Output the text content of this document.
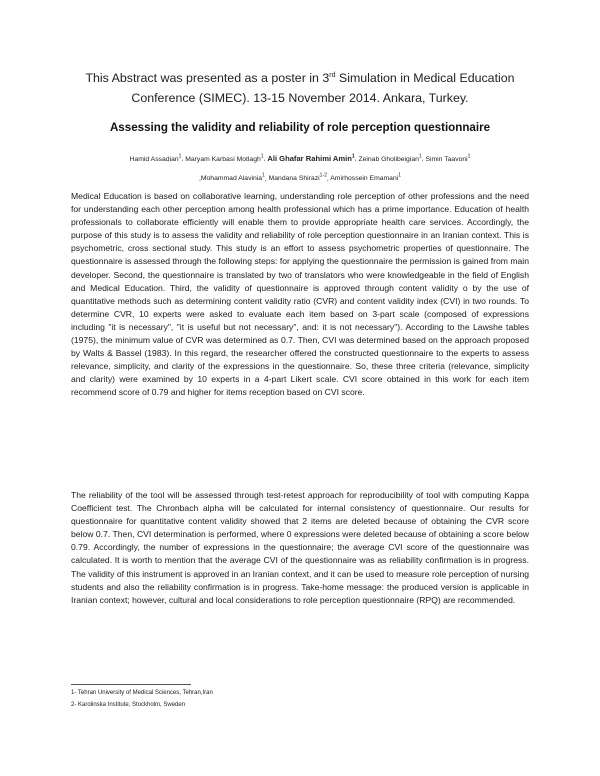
This Abstract was presented as a poster in 3rd Simulation in Medical Education
Conference (SIMEC). 13-15 November 2014. Ankara, Turkey.
Assessing the validity and reliability of role perception questionnaire
Hamid Assadian$^1$, Maryam Karbasi Motlagh$^1$, Ali Ghafar Rahimi Amin$^1$, Zeinab Gholibeigian$^1$, Simin Taavoni$^1$
,Mohammad Alavinia$^1$, Mandana Shirazi$^{1-2}$, Amirhossein Emamani$^1$

Medical Education is based on collaborative learning, understanding role perception of other professions and the need for understanding each other perception among health professional which has a prime importance. Education of health professionals to collaborate efficiently will enable them to provide appropriate health care services. Accordingly, the purpose of this study is to assess the validity and reliability of role perception questionnaire in an Iranian context. This is psychometric, cross sectional study. This study is an effort to assess psychometric properties of questionnaire. The questionnaire is assessed through the following steps: for applying the questionnaire the permission is gained from main developer. Second, the questionnaire is translated by two of translators who were knowledgeable in the field of English and Medical Education. Third, the validity of questionnaire is approved through content validity o by the use of quantitative methods such as determining content validity ratio (CVR) and content validity index (CVI) in two rounds. To determine CVR, 10 experts were asked to evaluate each item based on 3-part scale (composed of expressions including "it is necessary", "it is useful but not necessary", and: it is not necessary"). According to the Lawshe tables (1975), the minimum value of CVR was determined as 0.7. Then, CVI was determined based on the approach proposed by Walts & Bassel (1983). In this regard, the researcher offered the constructed questionnaire to the experts to assess relevance, simplicity, and clarity of the expressions in the questionnaire. So, these three criteria (relevance, simplicity and clarity) were examined by 10 experts in a 4-part Likert scale. CVI score obtained in this work for each item recommend score of 0.79 and higher for items reception based on CVI score.

The reliability of the tool will be assessed through test-retest approach for reproducibility of tool with computing Kappa Coefficient test. The Chronbach alpha will be calculated for internal consistency of questionnaire. Our results for questionnaire for quantitative content validity showed that 2 items are deleted because of obtaining the CVR score below 0.7. Then, CVI determination is performed, where 0 expressions were deleted because of obtaining a score below 0.79. Accordingly, the number of expressions in the questionnaire; the average CVI score of the questionnaire was calculated. It is worth to mention that the average CVI of the questionnaire was as reliability confirmation is in progress. The validity of this instrument is approved in an Iranian context, and it can be used to measure role perception of nursing students and also the reliability confirmation is in progress. Take-home message: the produced version is applicable in Iranian context; however, cultural and local considerations to role perception questionnaire (RPQ) are recommended.

1- Tehran University of Medical Sciences, Tehran,Iran
2- Karolinska Institute, Stockholm, Sweden
